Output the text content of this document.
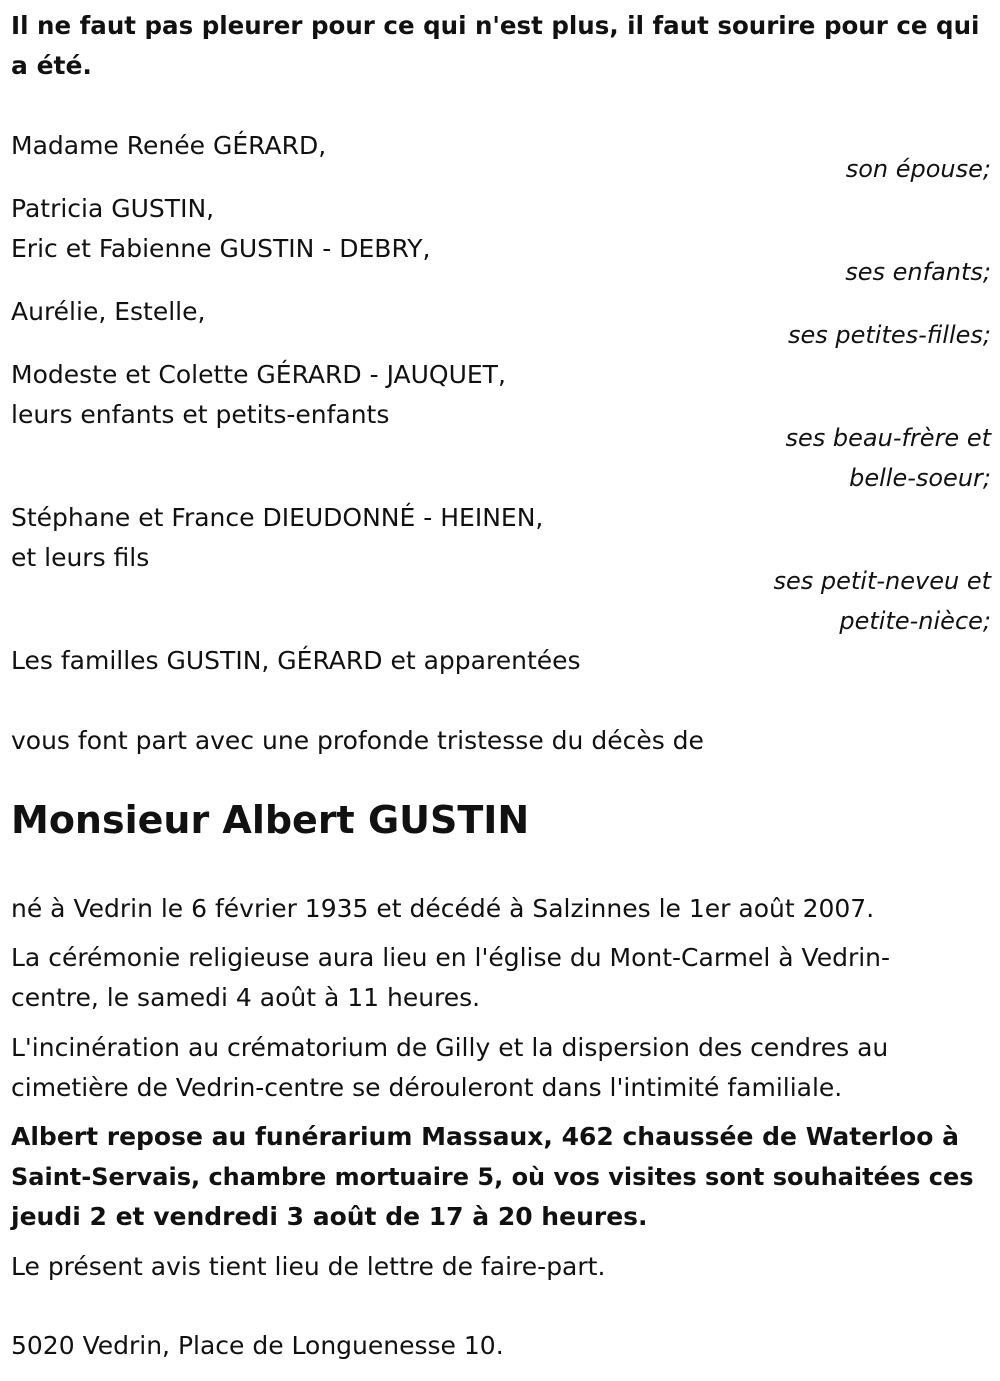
Il ne faut pas pleurer pour ce qui n'est plus, il faut sourire pour ce qui
a été.
Madame Renée GÉRARD,
son épouse;
Patricia GUSTIN,
Eric et Fabienne GUSTIN - DEBRY,
ses enfants;
Aurélie, Estelle,
ses petites-filles;
Modeste et Colette GÉRARD - JAUQUET,
leurs enfants et petits-enfants
ses beau-frère et
belle-soeur;
Stéphane et France DIEUDONNÉ - HEINEN,
et leurs fils
ses petit-neveu et
petite-nièce;
Les familles GUSTIN, GÉRARD et apparentées
vous font part avec une profonde tristesse du décès de
Monsieur Albert GUSTIN
né à Vedrin le 6 février 1935 et décédé à Salzinnes le 1er août 2007.
La cérémonie religieuse aura lieu en l'église du Mont-Carmel à Vedrin-
centre, le samedi 4 août à 11 heures.
L'incinération au crématorium de Gilly et la dispersion des cendres au
cimetière de Vedrin-centre se dérouleront dans l'intimité familiale.
Albert repose au funérarium Massaux, 462 chaussée de Waterloo à
Saint-Servais, chambre mortuaire 5, où vos visites sont souhaitées ces
jeudi 2 et vendredi 3 août de 17 à 20 heures.
Le présent avis tient lieu de lettre de faire-part.
5020 Vedrin, Place de Longuenesse 10.
